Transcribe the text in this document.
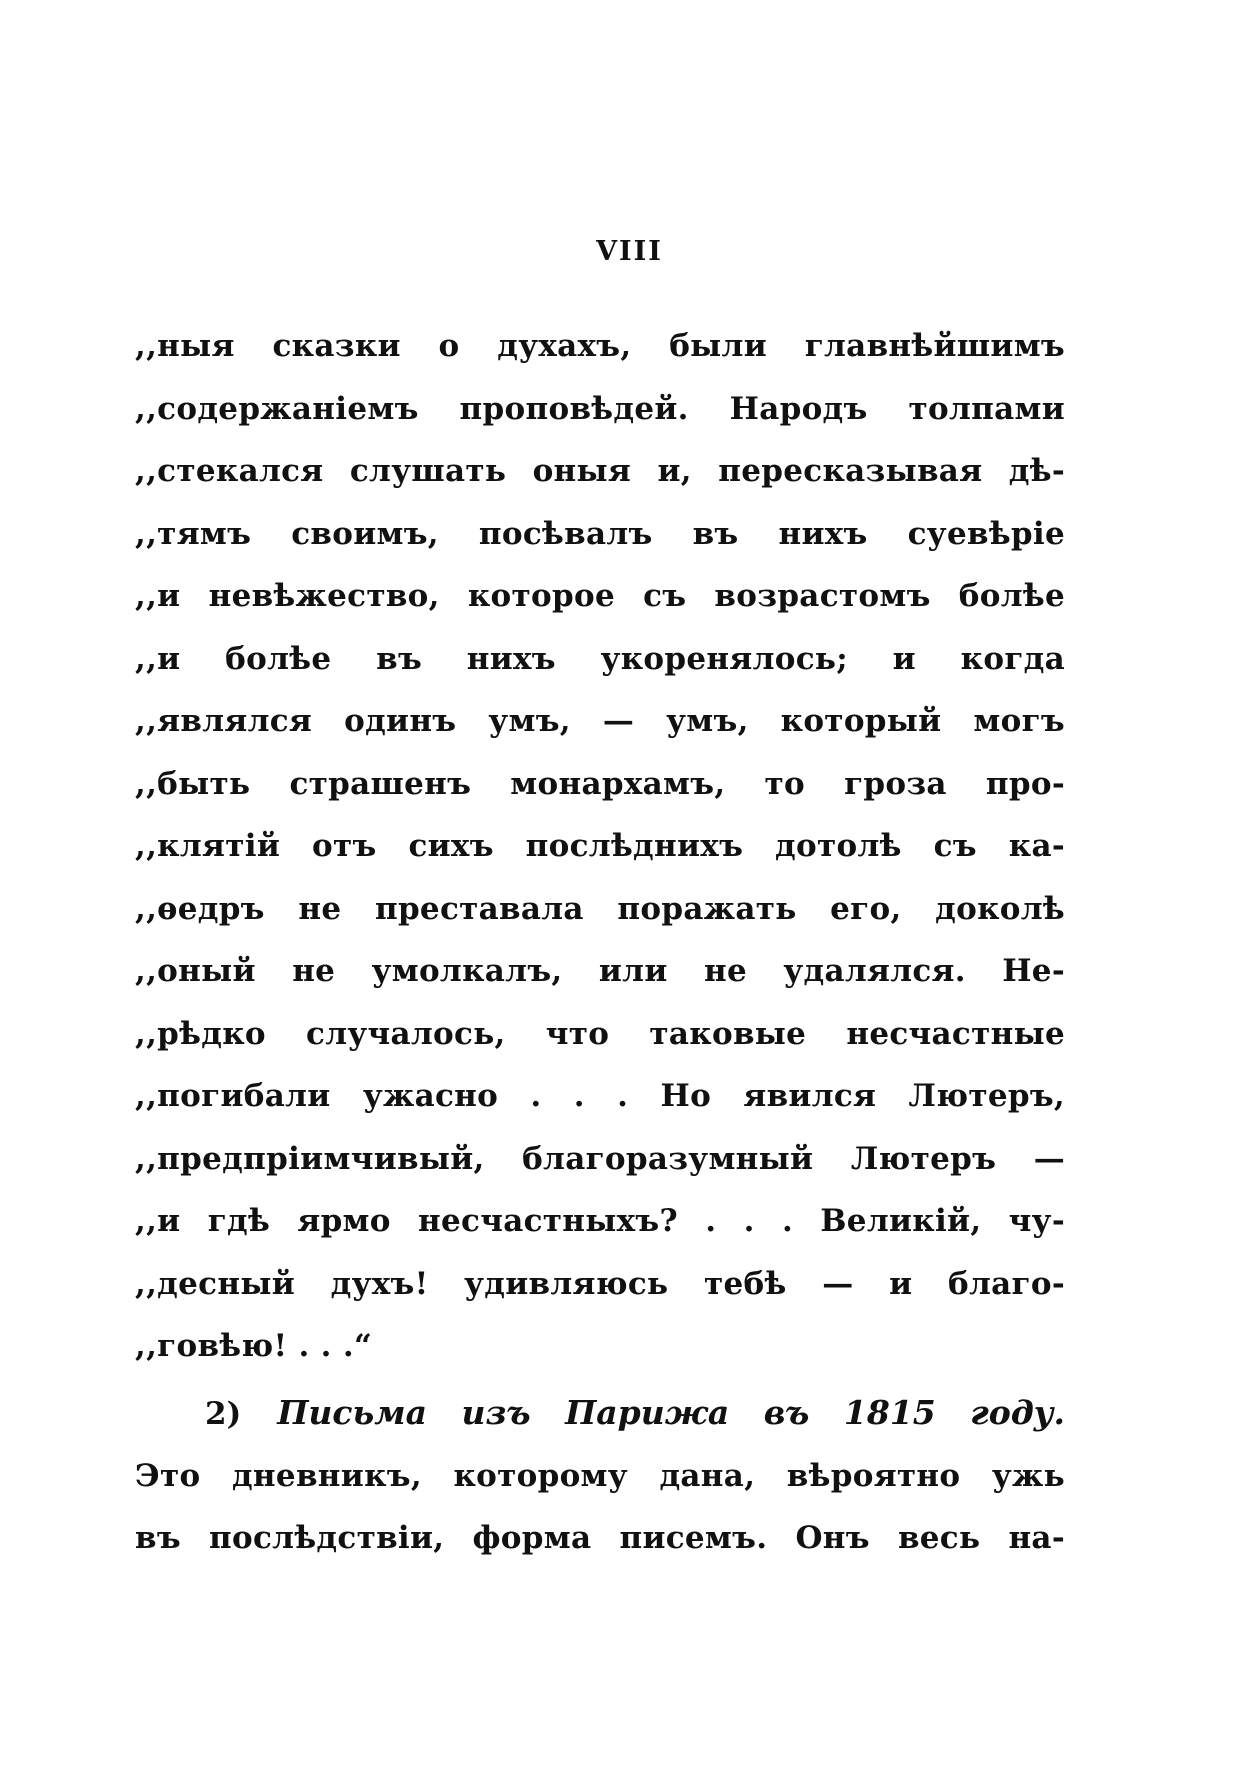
VIII
,,ныя сказки о духахъ, были главнѣйшимъ
,,содержаніемъ проповѣдей. Народъ толпами
,,стекался слушать оныя и, пересказывая дѣ-
,,тямъ своимъ, посѣвалъ въ нихъ суевѣріе
,,и невѣжество, которое съ возрастомъ болѣе
,,и болѣе въ нихъ укоренялось; и когда
,,являлся одинъ умъ, — умъ, который могъ
,,быть страшенъ монархамъ, то гроза про-
,,клятій отъ сихъ послѣднихъ дотолѣ съ ка-
,,ѳедръ не преставала поражать его, доколѣ
,,оный не умолкалъ, или не удалялся. Не-
,,рѣдко случалось, что таковые несчастные
,,погибали ужасно . . . Но явился Лютеръ,
,,предпріимчивый, благоразумный Лютеръ —
,,и гдѣ ярмо несчастныхъ? . . . Великій, чу-
,,десный духъ! удивляюсь тебѣ — и благо-
,,говѣю! . . .“
2) Письма изъ Парижа въ 1815 году.
Это дневникъ, которому дана, вѣроятно ужь
въ послѣдствіи, форма писемъ. Онъ весь на-
